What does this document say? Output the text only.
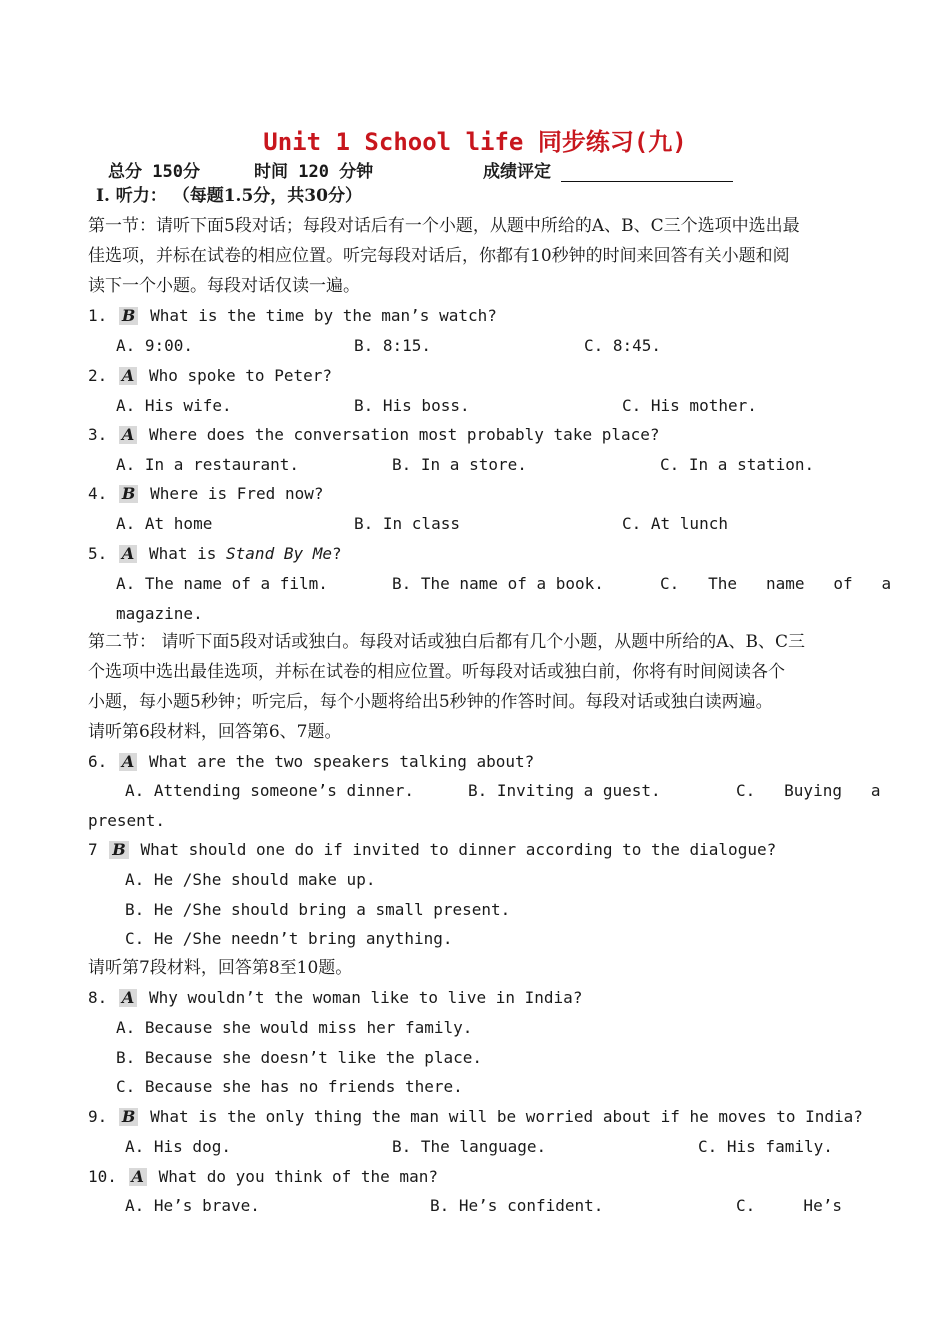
Unit 1 School life 同步练习(九)
总分 150分	时间 120 分钟	成绩评定
I. 听力： （每题1.5分，共30分）
第一节：请听下面5段对话；每段对话后有一个小题，从题中所给的A、B、C三个选项中选出最
佳选项，并标在试卷的相应位置。听完每段对话后，你都有10秒钟的时间来回答有关小题和阅
读下一个小题。每段对话仅读一遍。
1. B What is the time by the man’s watch?
A. 9:00.	B. 8:15.	C. 8:45.
2. A Who spoke to Peter?
A. His wife.	B. His boss.	C. His mother.
3. A Where does the conversation most probably take place?
A. In a restaurant.	B. In a store.	C. In a station.
4. B Where is Fred now?
A. At home	B. In class	C. At lunch
5. A What is Stand By Me?
A. The name of a film.	B. The name of a book.	C.   The   name   of   a
magazine.
第二节： 请听下面5段对话或独白。每段对话或独白后都有几个小题，从题中所给的A、B、C三
个选项中选出最佳选项，并标在试卷的相应位置。听每段对话或独白前，你将有时间阅读各个
小题，每小题5秒钟；听完后，每个小题将给出5秒钟的作答时间。每段对话或独白读两遍。
请听第6段材料，回答第6、7题。
6. A What are the two speakers talking about?
A. Attending someone’s dinner.	B. Inviting a guest.	C.   Buying   a
present.
7 B What should one do if invited to dinner according to the dialogue?
A. He /She should make up.
B. He /She should bring a small present.
C. He /She needn’t bring anything.
请听第7段材料，回答第8至10题。
8. A Why wouldn’t the woman like to live in India?
A. Because she would miss her family.
B. Because she doesn’t like the place.
C. Because she has no friends there.
9. B What is the only thing the man will be worried about if he moves to India?
A. His dog.	B. The language.	C. His family.
10. A What do you think of the man?
A. He’s brave.	B. He’s confident.	C.     He’s
